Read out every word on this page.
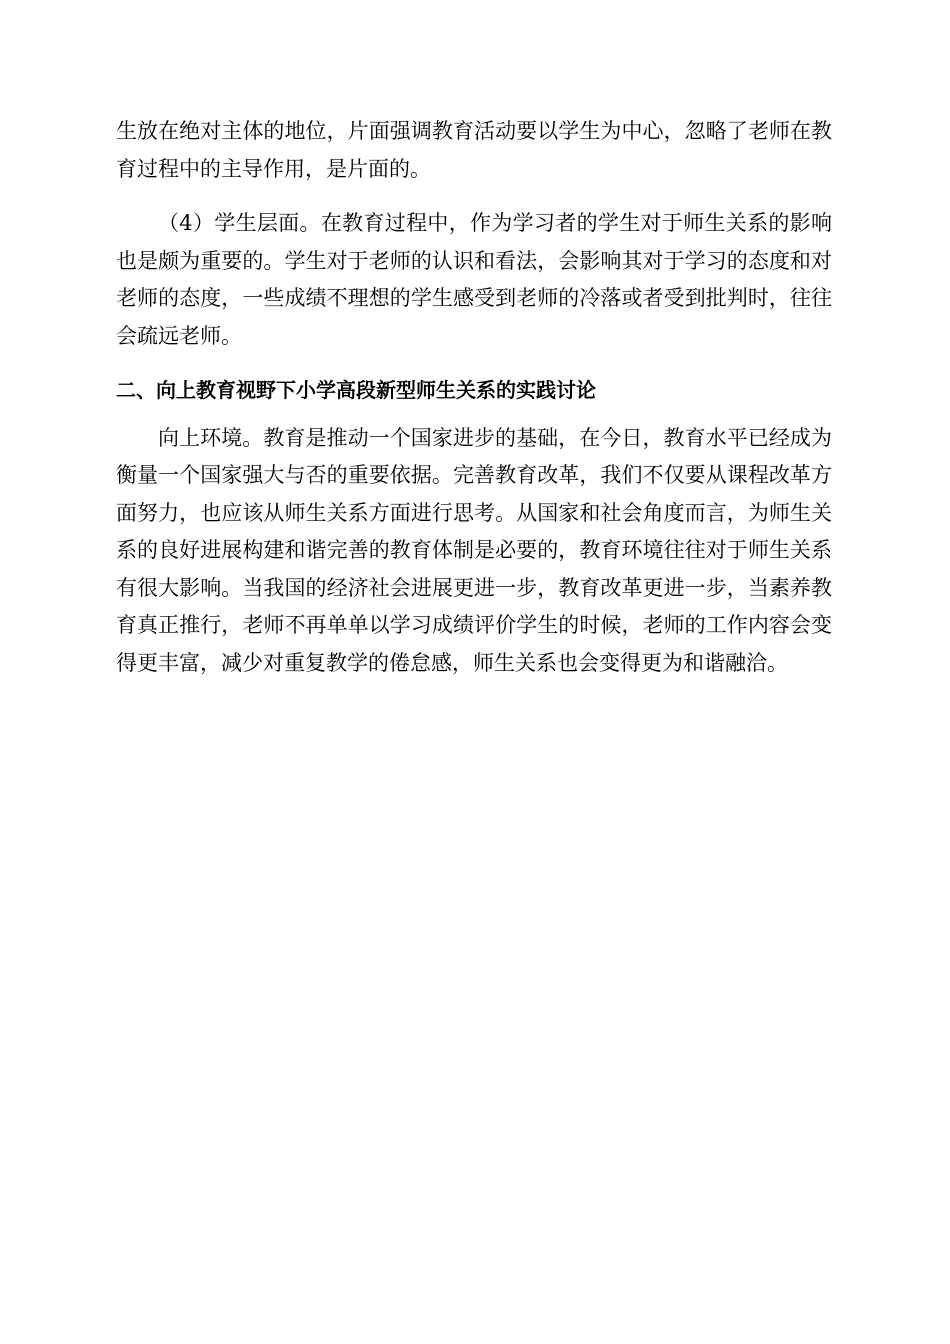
生放在绝对主体的地位，片面强调教育活动要以学生为中心，忽略了老师在教育过程中的主导作用，是片面的。

（4）学生层面。在教育过程中，作为学习者的学生对于师生关系的影响也是颇为重要的。学生对于老师的认识和看法，会影响其对于学习的态度和对老师的态度，一些成绩不理想的学生感受到老师的冷落或者受到批判时，往往会疏远老师。

二、向上教育视野下小学高段新型师生关系的实践讨论

向上环境。教育是推动一个国家进步的基础，在今日，教育水平已经成为衡量一个国家强大与否的重要依据。完善教育改革，我们不仅要从课程改革方面努力，也应该从师生关系方面进行思考。从国家和社会角度而言，为师生关系的良好进展构建和谐完善的教育体制是必要的，教育环境往往对于师生关系有很大影响。当我国的经济社会进展更进一步，教育改革更进一步，当素养教育真正推行，老师不再单单以学习成绩评价学生的时候，老师的工作内容会变得更丰富，减少对重复教学的倦怠感，师生关系也会变得更为和谐融洽。
